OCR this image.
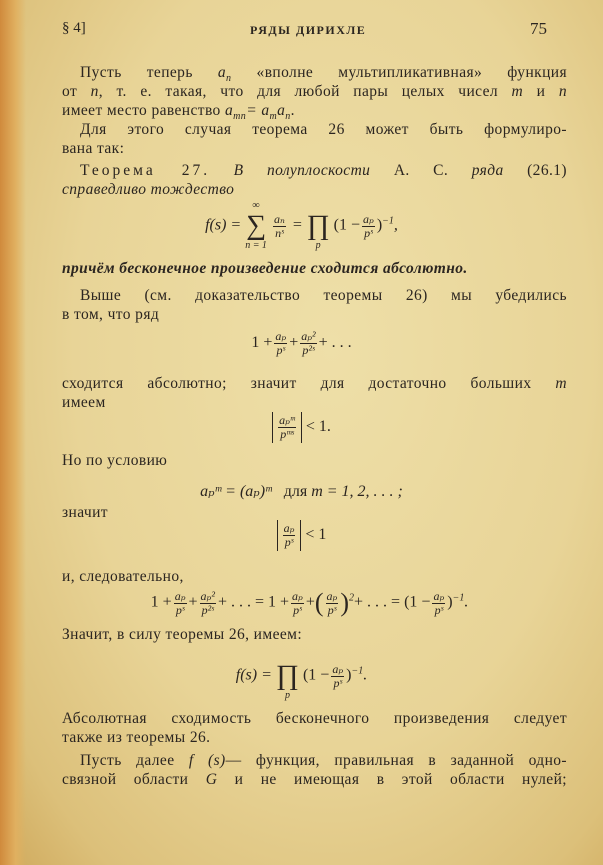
§ 4]	РЯДЫ ДИРИХЛЕ	75
Пусть теперь $a_n$ «вполне мультипликативная» функция
от n, т. е. такая, что для любой пары целых чисел m и n
имеет место равенство $a_{mn}= a_ma_n$.
Для этого случая теорема 26 может быть формулиро-
вана так:
Теорема 27. В полуплоскости А. С. ряда (26.1)
справедливо тождество
f(s) =
∞
∑
n = 1

$\frac{\text{aₙ}}{\text{nˢ}}$ =
∏
p
$(1 - \frac{\text{aₚ}}{\text{pˢ}} )^{-1}$,
причём бесконечное произведение сходится абсолютно.
Выше (см. доказательство теоремы 26) мы убедились
в том, что ряд
$1 + \frac{\text{aₚ}}{\text{pˢ}} + \frac{\text{aₚ²}}{\text{p²ˢ}}$ + . . .
сходится абсолютно; значит для достаточно больших m
имеем
$\frac{\text{aₚᵐ}}{\text{pᵐˢ}} < 1$.
Но по условию
aₚᵐ = (aₚ)ᵐ для m = 1, 2, . . . ;
значит
$\frac{\text{aₚ}}{\text{pˢ}} < 1$
и, следовательно,
$1 + \frac{\text{aₚ}}{\text{pˢ}} + \frac{\text{aₚ²}}{\text{p²ˢ}}$ + . . . = $1 + \frac{\text{aₚ}}{\text{pˢ}}$ +( $\frac{\text{aₚ}}{\text{pˢ}} )^2+$ . . . = $(1 - \frac{\text{aₚ}}{\text{pˢ}} )^{-1}$.
Значит, в силу теоремы 26, имеем:
f(s) =
∏
p
$(1 - \frac{\text{aₚ}}{\text{pˢ}} )^{-1}$.
Абсолютная сходимость бесконечного произведения следует
также из теоремы 26.
Пусть далее f (s)— функция, правильная в заданной одно-
связной области G и не имеющая в этой области нулей;
